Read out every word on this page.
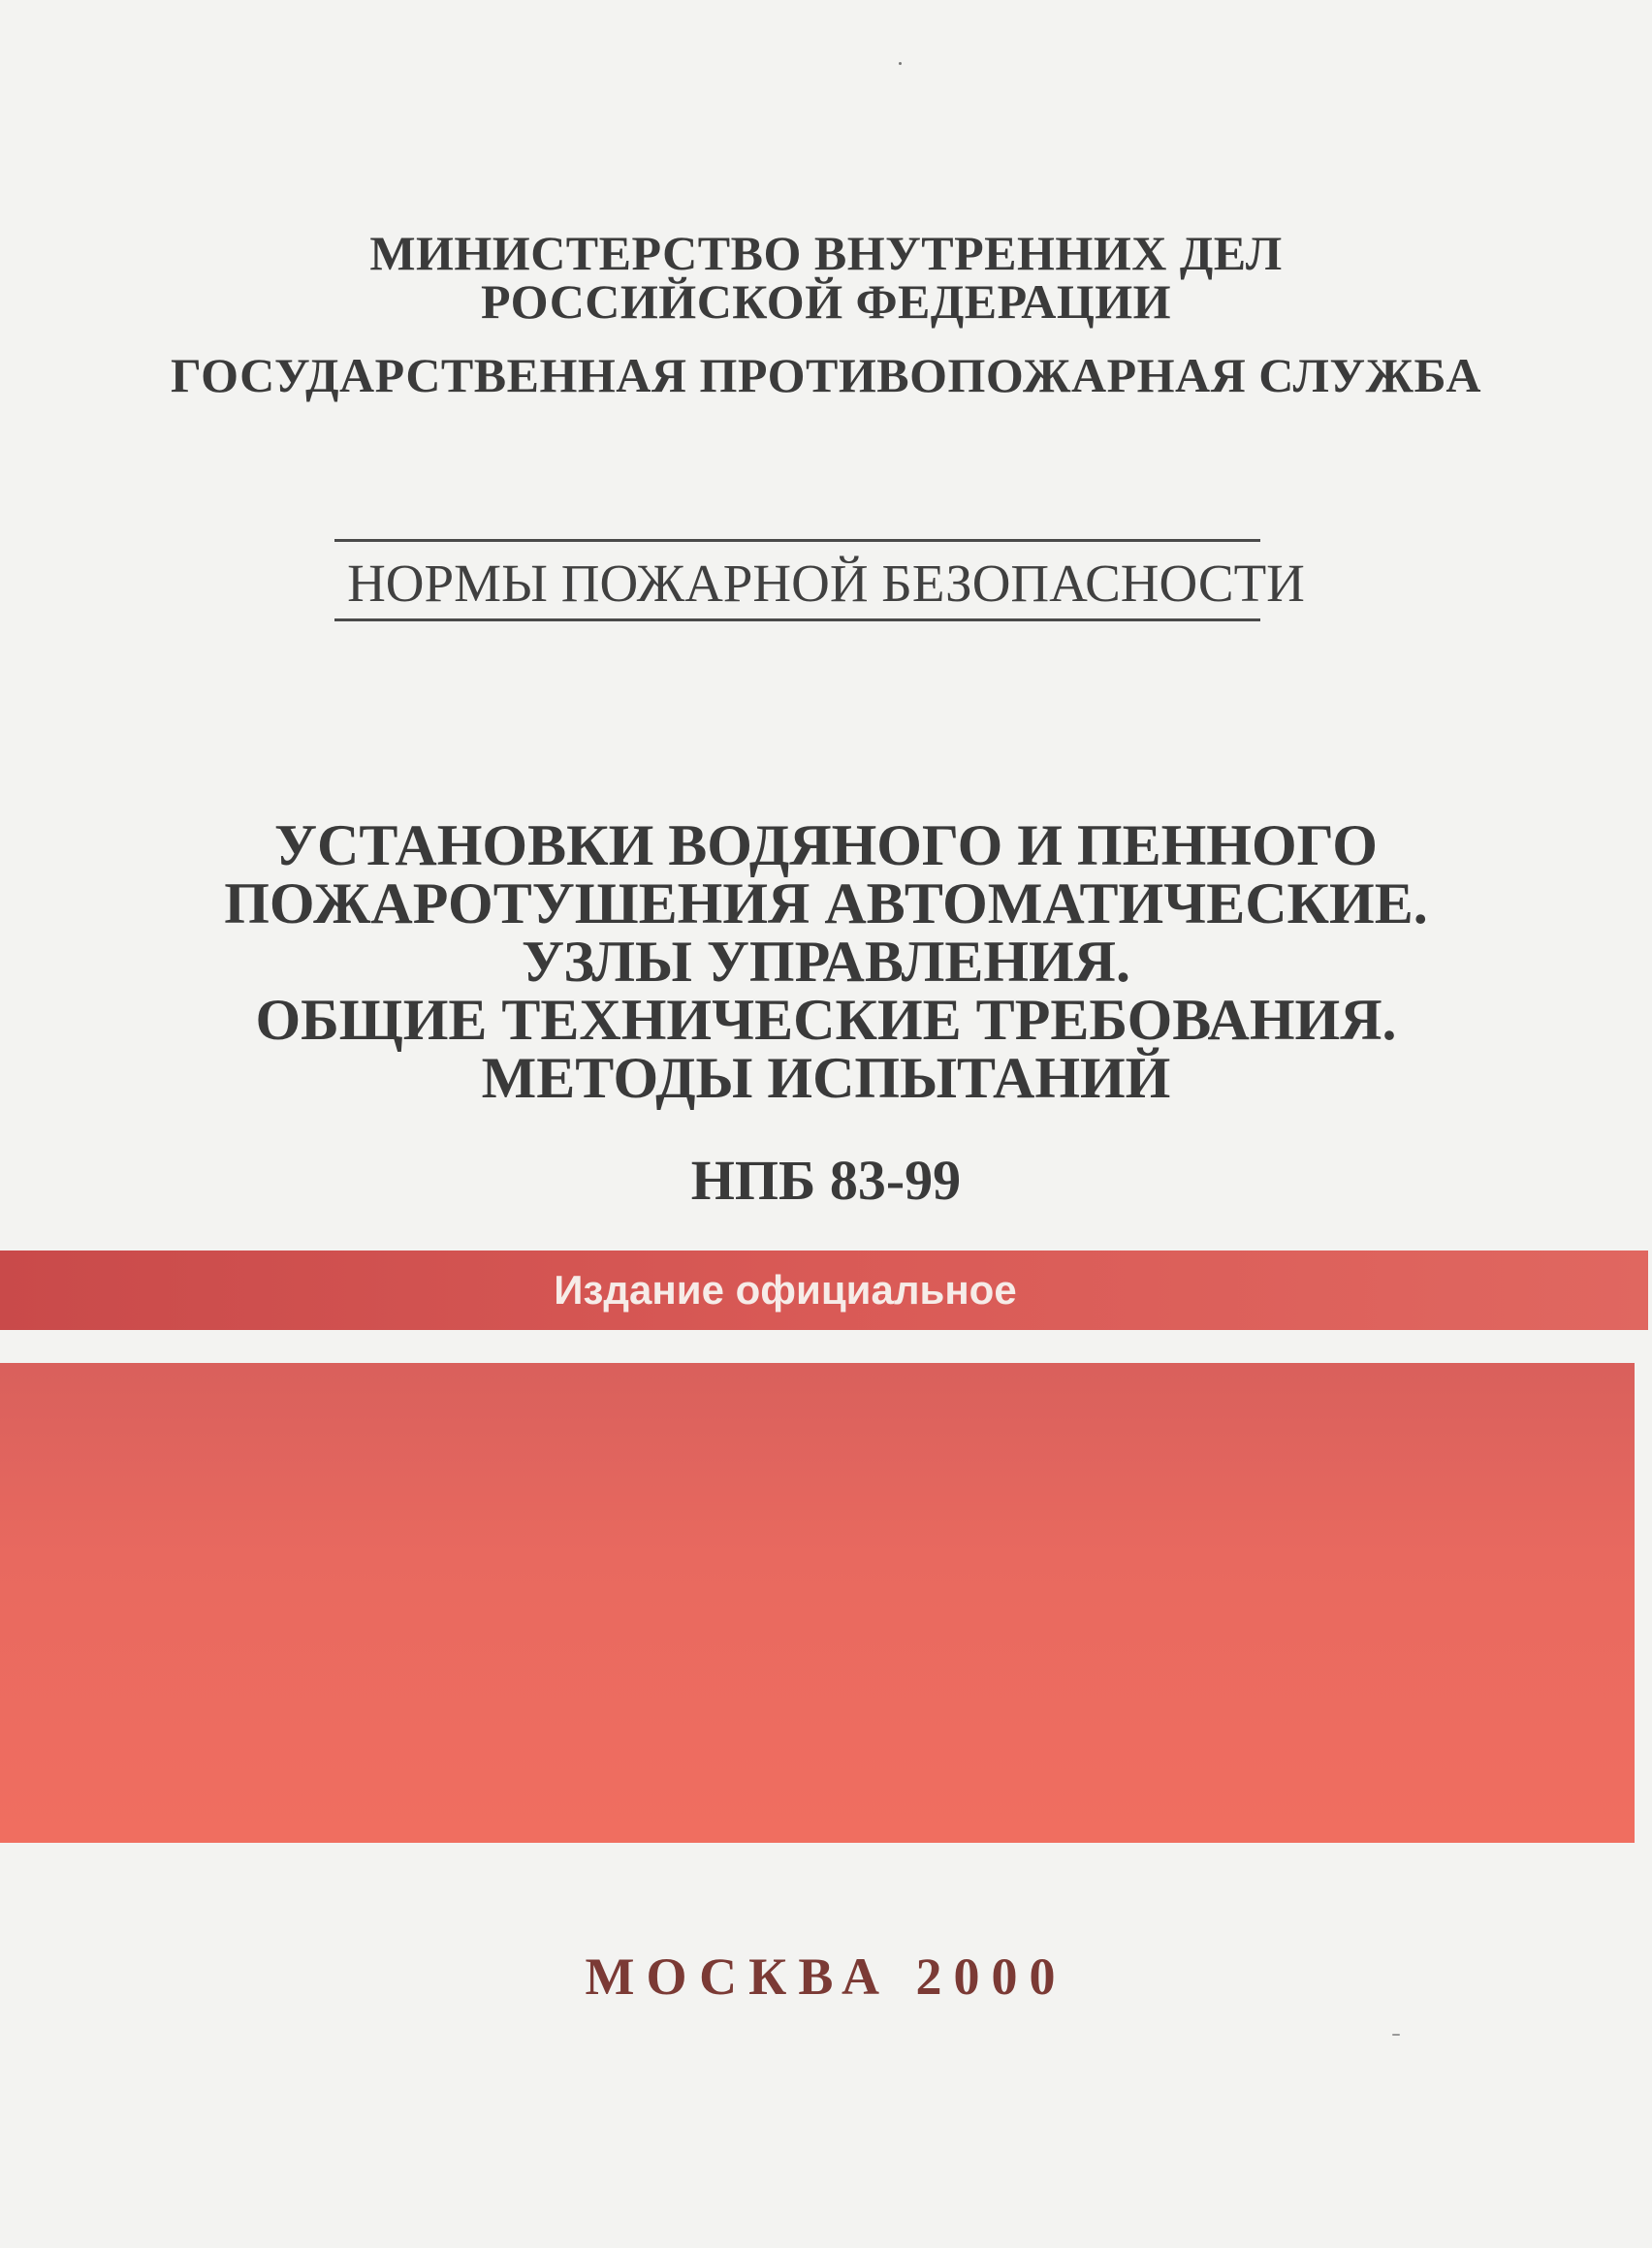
МИНИСТЕРСТВО ВНУТРЕННИХ ДЕЛ
РОССИЙСКОЙ ФЕДЕРАЦИИ
ГОСУДАРСТВЕННАЯ ПРОТИВОПОЖАРНАЯ СЛУЖБА
НОРМЫ ПОЖАРНОЙ БЕЗОПАСНОСТИ
УСТАНОВКИ ВОДЯНОГО И ПЕННОГО
ПОЖАРОТУШЕНИЯ АВТОМАТИЧЕСКИЕ.
УЗЛЫ УПРАВЛЕНИЯ.
ОБЩИЕ ТЕХНИЧЕСКИЕ ТРЕБОВАНИЯ.
МЕТОДЫ ИСПЫТАНИЙ
НПБ 83-99
Издание официальное
МОСКВА 2000
